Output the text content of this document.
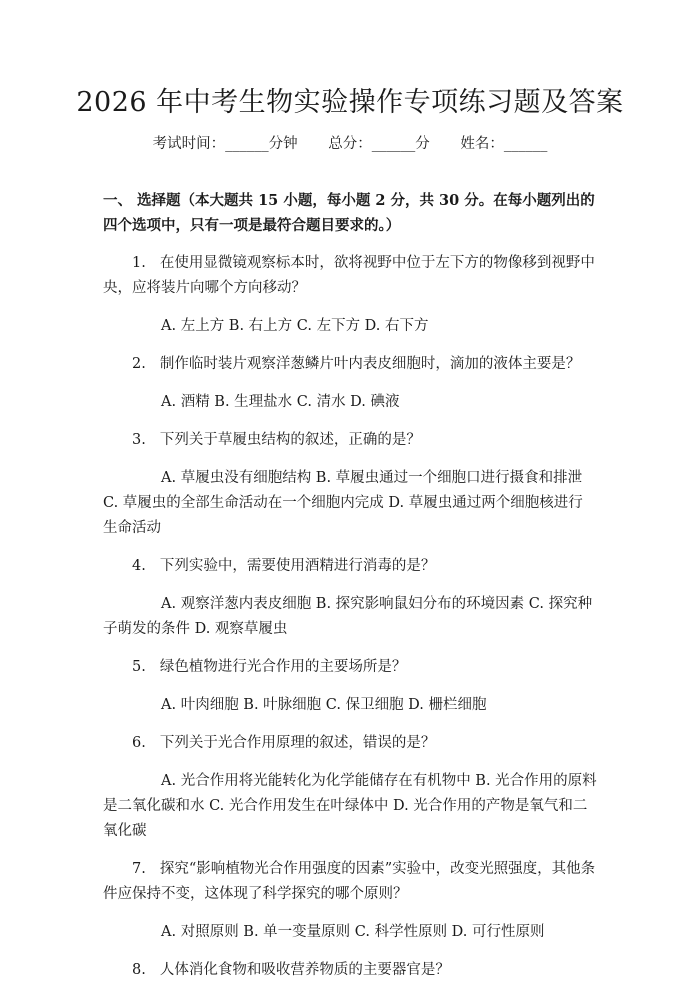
2026 年中考生物实验操作专项练习题及答案
考试时间：______分钟 总分：______分 姓名：______
一、 选择题（本大题共 15 小题，每小题 2 分，共 30 分。在每小题列出的四个选项中，只有一项是最符合题目要求的。）
1. 在使用显微镜观察标本时，欲将视野中位于左下方的物像移到视野中央，应将装片向哪个方向移动？
A. 左上方 B. 右上方 C. 左下方 D. 右下方
2. 制作临时装片观察洋葱鳞片叶内表皮细胞时，滴加的液体主要是？
A. 酒精 B. 生理盐水 C. 清水 D. 碘液
3. 下列关于草履虫结构的叙述，正确的是？
A. 草履虫没有细胞结构 B. 草履虫通过一个细胞口进行摄食和排泄 C. 草履虫的全部生命活动在一个细胞内完成 D. 草履虫通过两个细胞核进行生命活动
4. 下列实验中，需要使用酒精进行消毒的是？
A. 观察洋葱内表皮细胞 B. 探究影响鼠妇分布的环境因素 C. 探究种子萌发的条件 D. 观察草履虫
5. 绿色植物进行光合作用的主要场所是？
A. 叶肉细胞 B. 叶脉细胞 C. 保卫细胞 D. 栅栏细胞
6. 下列关于光合作用原理的叙述，错误的是？
A. 光合作用将光能转化为化学能储存在有机物中 B. 光合作用的原料是二氧化碳和水 C. 光合作用发生在叶绿体中 D. 光合作用的产物是氧气和二氧化碳
7. 探究“影响植物光合作用强度的因素”实验中，改变光照强度，其他条件应保持不变，这体现了科学探究的哪个原则？
A. 对照原则 B. 单一变量原则 C. 科学性原则 D. 可行性原则
8. 人体消化食物和吸收营养物质的主要器官是？
